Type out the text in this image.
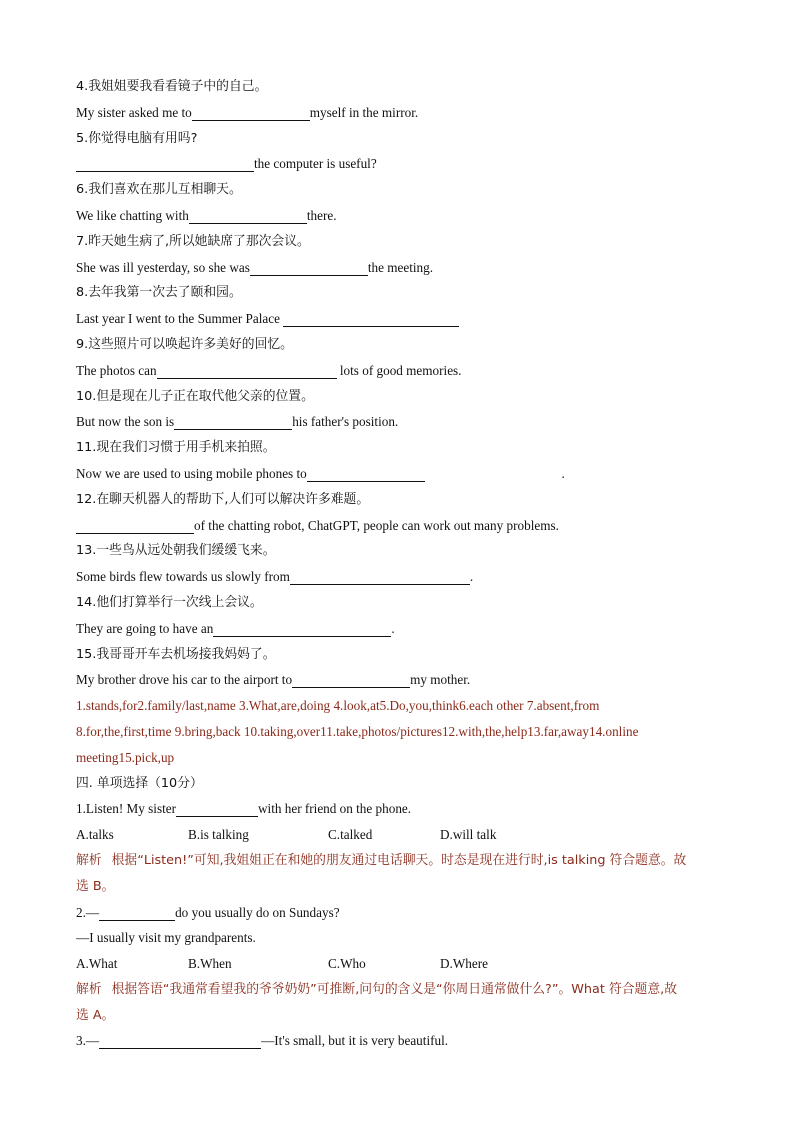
4.我姐姐要我看看镜子中的自己。
My sister asked me to	myself in the mirror.
5.你觉得电脑有用吗?
the computer is useful?
6.我们喜欢在那儿互相聊天。
We like chatting with	there.
7.昨天她生病了,所以她缺席了那次会议。
She was ill yesterday, so she was	the meeting.
8.去年我第一次去了颐和园。
Last year I went to the Summer Palace
9.这些照片可以唤起许多美好的回忆。
The photos can	lots of good memories.
10.但是现在儿子正在取代他父亲的位置。
But now the son is	his father's position.
11.现在我们习惯于用手机来拍照。
Now we are used to using mobile phones to	.
12.在聊天机器人的帮助下,人们可以解决许多难题。
of the chatting robot, ChatGPT, people can work out many problems.
13.一些鸟从远处朝我们缓缓飞来。
Some birds flew towards us slowly from	.
14.他们打算举行一次线上会议。
They are going to have an	.
15.我哥哥开车去机场接我妈妈了。
My brother drove his car to the airport to	my mother.
1.stands,for2.family/last,name 3.What,are,doing 4.look,at5.Do,you,think6.each other 7.absent,from
8.for,the,first,time 9.bring,back 10.taking,over11.take,photos/pictures12.with,the,help13.far,away14.online
meeting15.pick,up
四. 单项选择（10分）
1.Listen! My sister	with her friend on the phone.
A.talks	B.is talking	C.talked	D.will talk
解析 根据“Listen!”可知,我姐姐正在和她的朋友通过电话聊天。时态是现在进行时,is talking 符合题意。故
选 B。
2.—	do you usually do on Sundays?
—I usually visit my grandparents.
A.What	B.When	C.Who	D.Where
解析 根据答语“我通常看望我的爷爷奶奶”可推断,问句的含义是“你周日通常做什么?”。What 符合题意,故
选 A。
3.—	—It's small, but it is very beautiful.
